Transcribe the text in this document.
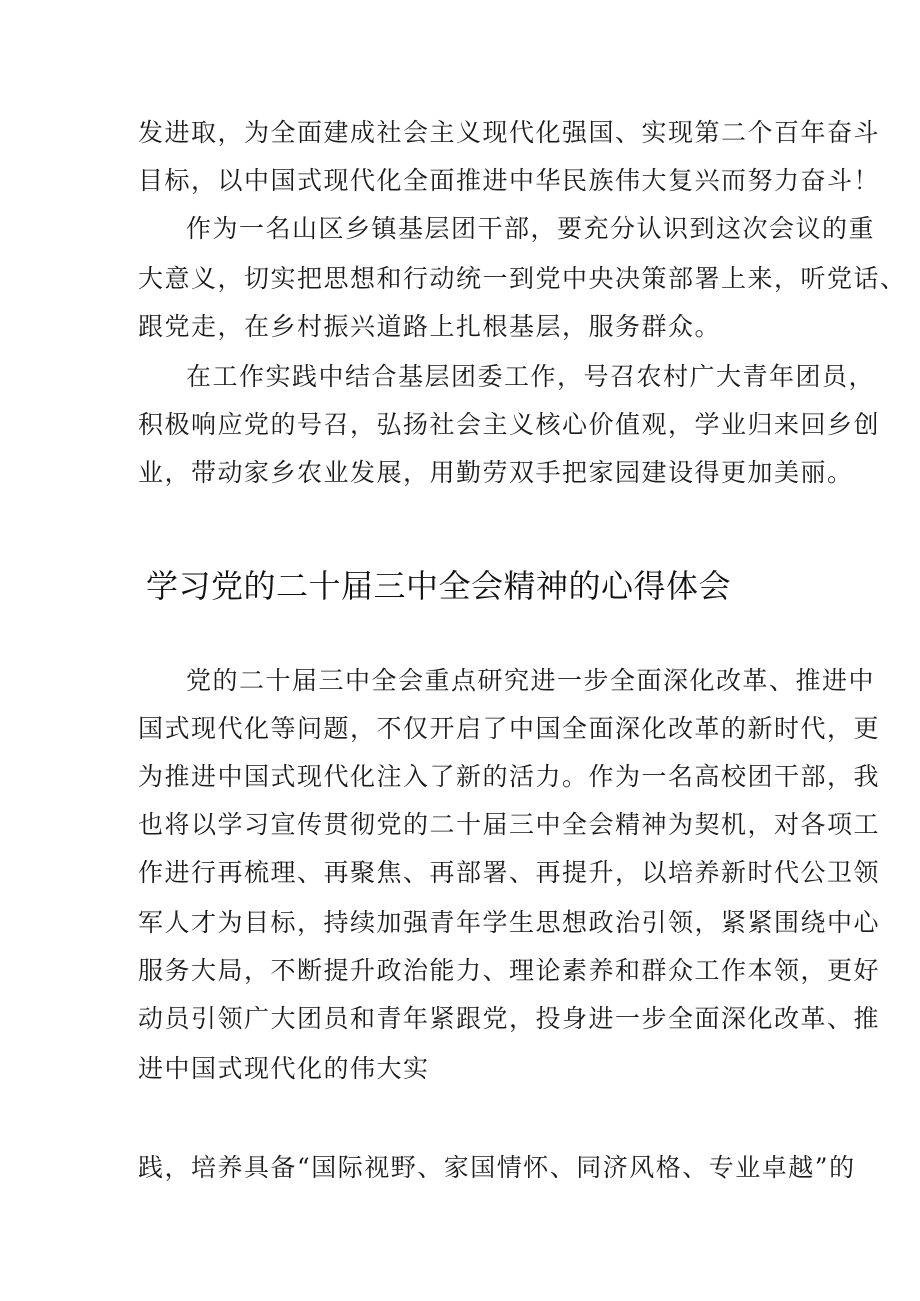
发进取，为全面建成社会主义现代化强国、实现第二个百年奋斗
目标，以中国式现代化全面推进中华民族伟大复兴而努力奋斗！
作为一名山区乡镇基层团干部，要充分认识到这次会议的重
大意义，切实把思想和行动统一到党中央决策部署上来，听党话、
跟党走，在乡村振兴道路上扎根基层，服务群众。
在工作实践中结合基层团委工作，号召农村广大青年团员，
积极响应党的号召，弘扬社会主义核心价值观，学业归来回乡创
业，带动家乡农业发展，用勤劳双手把家园建设得更加美丽。
学习党的二十届三中全会精神的心得体会
党的二十届三中全会重点研究进一步全面深化改革、推进中
国式现代化等问题，不仅开启了中国全面深化改革的新时代，更
为推进中国式现代化注入了新的活力。作为一名高校团干部，我
也将以学习宣传贯彻党的二十届三中全会精神为契机，对各项工
作进行再梳理、再聚焦、再部署、再提升，以培养新时代公卫领
军人才为目标，持续加强青年学生思想政治引领，紧紧围绕中心
服务大局，不断提升政治能力、理论素养和群众工作本领，更好
动员引领广大团员和青年紧跟党，投身进一步全面深化改革、推
进中国式现代化的伟大实
践，培养具备“国际视野、家国情怀、同济风格、专业卓越”的
